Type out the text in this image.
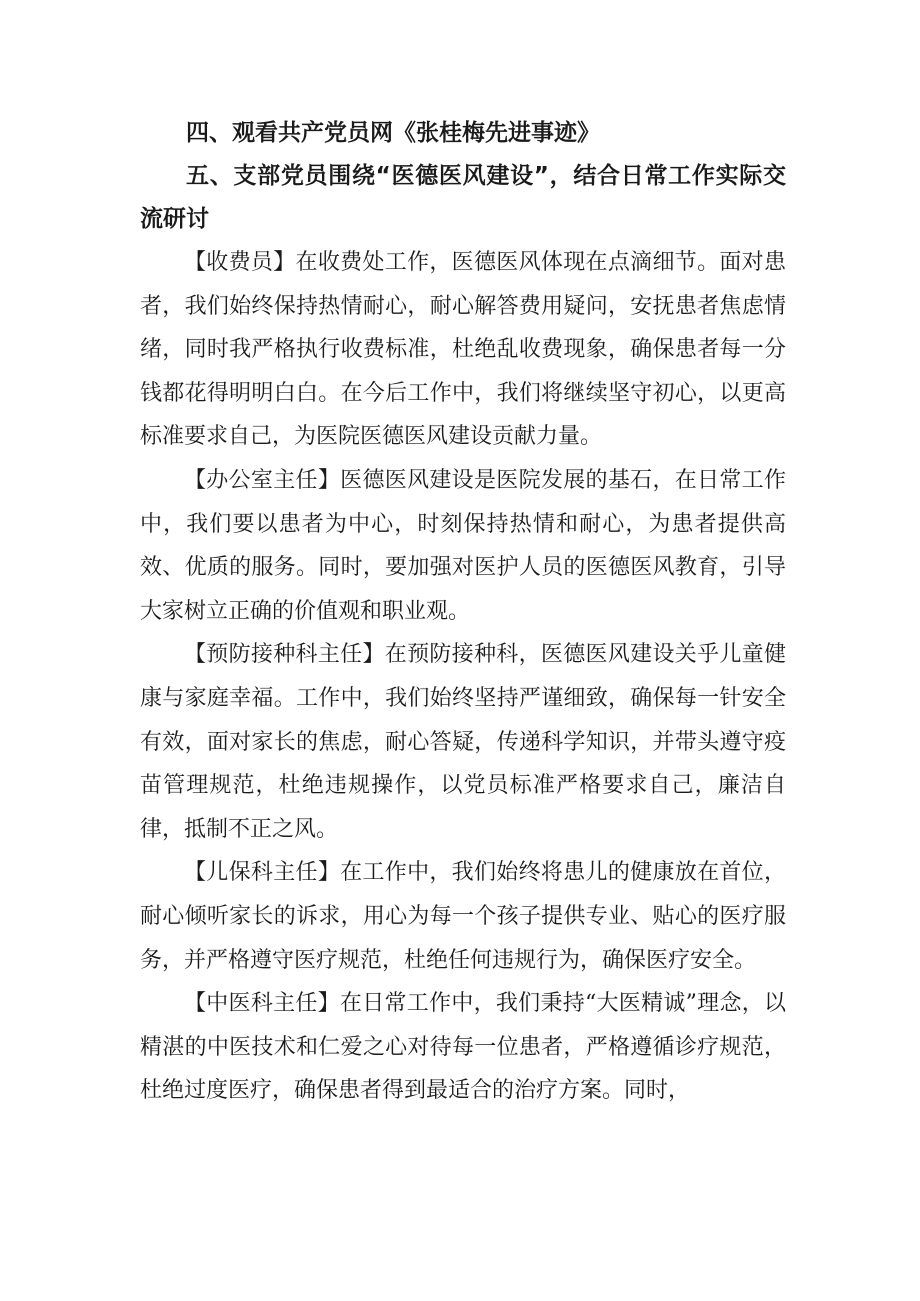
四、观看共产党员网《张桂梅先进事迹》

五、支部党员围绕“医德医风建设”，结合日常工作实际交流研讨

【收费员】在收费处工作，医德医风体现在点滴细节。面对患者，我们始终保持热情耐心，耐心解答费用疑问，安抚患者焦虑情绪，同时我严格执行收费标准，杜绝乱收费现象，确保患者每一分钱都花得明明白白。在今后工作中，我们将继续坚守初心，以更高标准要求自己，为医院医德医风建设贡献力量。

【办公室主任】医德医风建设是医院发展的基石，在日常工作中，我们要以患者为中心，时刻保持热情和耐心，为患者提供高效、优质的服务。同时，要加强对医护人员的医德医风教育，引导大家树立正确的价值观和职业观。

【预防接种科主任】在预防接种科，医德医风建设关乎儿童健康与家庭幸福。工作中，我们始终坚持严谨细致，确保每一针安全有效，面对家长的焦虑，耐心答疑，传递科学知识，并带头遵守疫苗管理规范，杜绝违规操作，以党员标准严格要求自己，廉洁自律，抵制不正之风。

【儿保科主任】在工作中，我们始终将患儿的健康放在首位，耐心倾听家长的诉求，用心为每一个孩子提供专业、贴心的医疗服务，并严格遵守医疗规范，杜绝任何违规行为，确保医疗安全。

【中医科主任】在日常工作中，我们秉持“大医精诚”理念，以精湛的中医技术和仁爱之心对待每一位患者，严格遵循诊疗规范，杜绝过度医疗，确保患者得到最适合的治疗方案。同时，
